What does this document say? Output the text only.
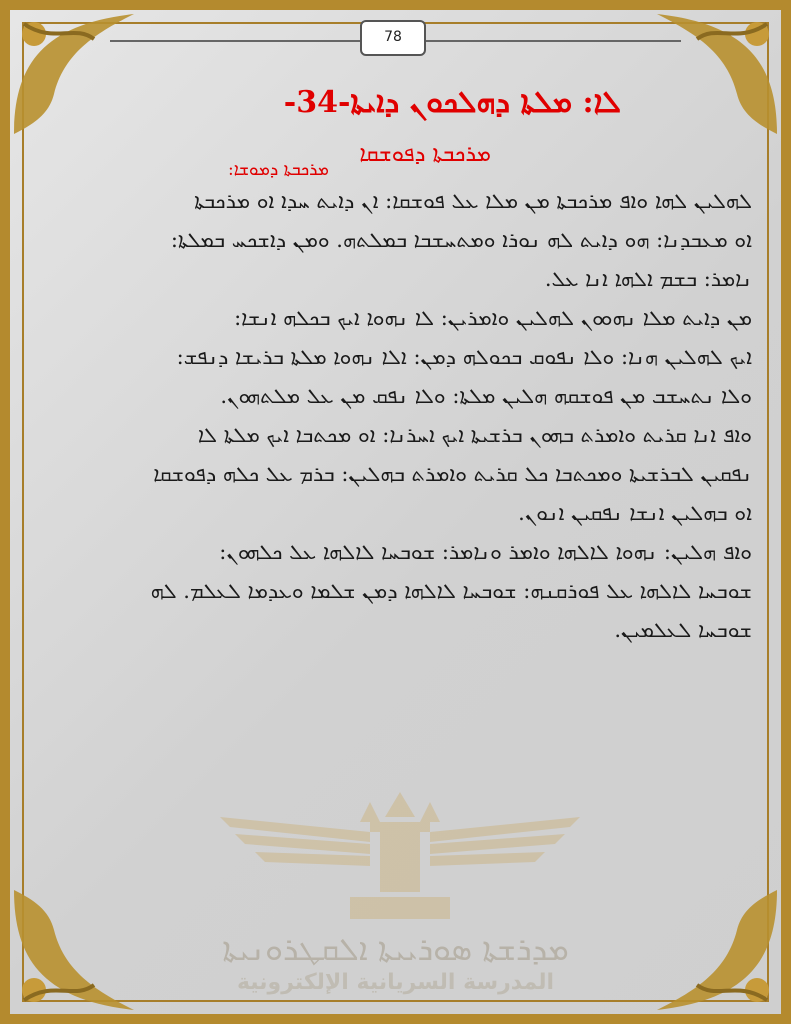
78
ܠܐ: ܡܠܬܐ ܕܗܠܟܘܢ ܕܐܝܬܐ-34-
ܡܪܟܒܬܐ ܕܦܘܫܩܐ
ܡܪܟܒܬܐ ܕܡܘܫܐ:

ܠܗܠܝܢ ܠܗܐ ܘܐܦ ܡܪܟܒܬܐ ܡܢ ܡܠܐ ܥܠ ܦܘܫܩܐ: ܐܢ ܕܐܝܬ ܚܕܐ ܐܘ ܡܪܟܒܬܐ

ܐܘ ܡܥܒܕܢܐ: ܗܘ ܕܐܝܬ ܠܗ ܢܘܪܐ ܘܡܬܚܫܒܐ ܒܡܠܬܗ. ܘܡܢ ܕܐܫܟܚ ܒܡܠܬܐ:

ܢܐܡܪ: ܒܫܡ ܐܠܗܐ ܐܢܐ ܥܠ.

ܡܢ ܕܐܝܬ ܡܠܐ ܢܗܘܘܢ ܠܗܠܝܢ ܘܐܡܪܝܢ: ܠܐ ܢܗܘܐ ܐܝܟ ܒܟܠܗ ܐܢܫܐ:

ܐܝܟ ܠܗܠܝܢ ܗܢܐ: ܘܠܐ ܢܦܘܩ ܒܟܘܠܗ ܕܡܢ: ܐܠܐ ܢܗܘܐ ܡܠܬܐ ܒܪܝܫܐ ܕܢܦܫ:

ܘܠܐ ܢܬܚܫܒ ܡܢ ܦܘܫܩܗ ܗܠܝܢ ܡܠܬܐ: ܘܠܐ ܢܦܩ ܡܢ ܥܠ ܡܠܬܗܘܢ.

ܘܐܦ ܐܢܐ ܩܪܝܬ ܘܐܡܪܬ ܒܗܘܢ ܒܪܫܝܬܐ ܐܝܟ ܐܚܪܢܐ: ܐܘ ܡܟܬܒܐ ܐܝܟ ܡܠܬܐ ܠܐ

ܢܦܩܝܢ ܠܒܪܫܝܬܐ ܘܡܟܬܒܐ ܟܠ ܩܪܝܬ ܘܐܡܪܬ ܒܗܠܝܢ: ܒܪܡ ܥܠ ܟܠܗ ܕܦܘܫܩܐ

ܐܘ ܒܗܠܝܢ ܐܢܫܐ ܢܦܩܝܢ ܐܢܘܢ.

ܘܐܦ ܗܠܝܢ: ܢܗܘܐ ܠܐܠܗܐ ܘܐܡܪ ܘܢܐܡܪ: ܫܘܒܚܐ ܠܐܠܗܐ ܥܠ ܟܠܗܘܢ:

ܫܘܒܚܐ ܠܐܠܗܐ ܥܠ ܦܘܪܩܢܗ: ܫܘܒܚܐ ܠܐܠܗܐ ܕܡܢ ܫܠܡܐ ܘܥܕܡܐ ܠܥܠܡ. ܠܗ

ܫܘܒܚܐ ܠܥܠܡܝܢ.

ܡܕܪܫܬܐ ܣܘܪܝܝܬܐ ܐܠܩܛܪܘܢܝܬܐ
المدرسة السريانية الإلكترونية
